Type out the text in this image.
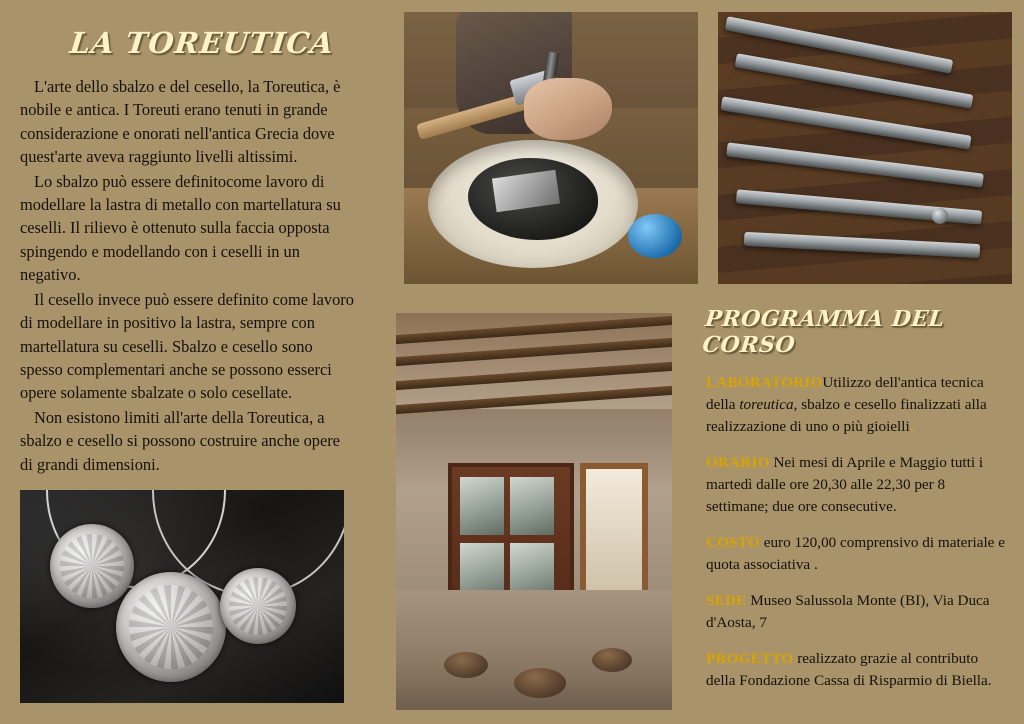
LA TOREUTICA

L'arte dello sbalzo e del cesello, la Toreutica, è nobile e antica. I Toreuti erano tenuti in grande considerazione e onorati nell'antica Grecia dove quest'arte aveva raggiunto livelli altissimi.

Lo sbalzo può essere definitocome lavoro di modellare la lastra di metallo con martellatura su ceselli. Il rilievo è ottenuto sulla faccia opposta spingendo e modellando con i ceselli in un negativo.

Il cesello invece può essere definito come lavoro di modellare in positivo la lastra, sempre con martellatura su ceselli. Sbalzo e cesello sono spesso complementari anche se possono esserci opere solamente sbalzate o solo cesellate.

Non esistono limiti all'arte della Toreutica, a sbalzo e cesello si possono costruire anche opere di grandi dimensioni.

PROGRAMMA DEL CORSO

LABORATORIOUtilizzo dell'antica tecnica della toreutica, sbalzo e cesello finalizzati alla realizzazione di uno o più gioielli.

ORARIO Nei mesi di Aprile e Maggio tutti i martedì dalle ore 20,30 alle 22,30 per 8 settimane; due ore consecutive.

COSTO euro 120,00 comprensivo di materiale e quota associativa .

SEDE Museo Salussola Monte (BI), Via Duca d'Aosta, 7

PROGETTO realizzato grazie al contributo della Fondazione Cassa di Risparmio di Biella.
